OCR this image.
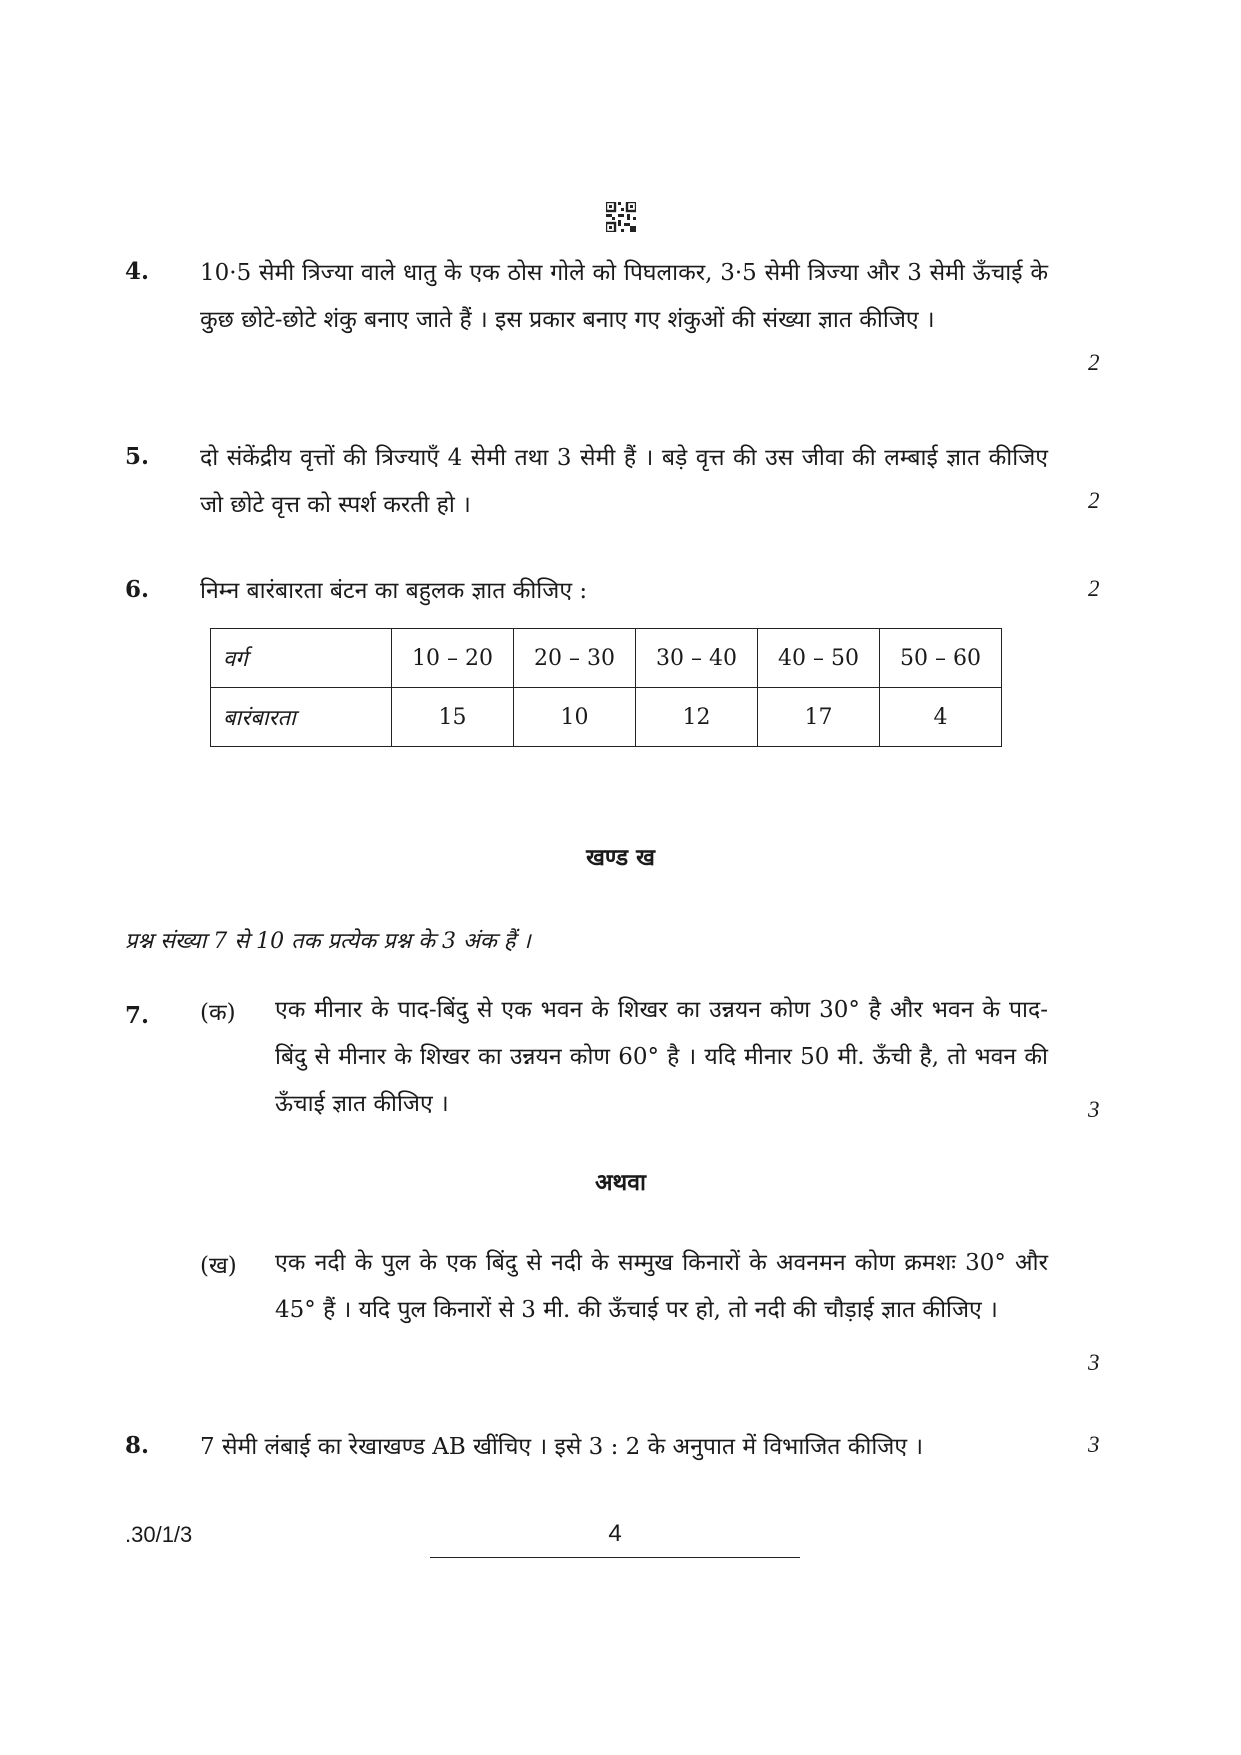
4. 10·5 सेमी त्रिज्या वाले धातु के एक ठोस गोले को पिघलाकर, 3·5 सेमी त्रिज्या और 3 सेमी ऊँचाई के कुछ छोटे-छोटे शंकु बनाए जाते हैं । इस प्रकार बनाए गए शंकुओं की संख्या ज्ञात कीजिए ।
2
5. दो संकेंद्रीय वृत्तों की त्रिज्याएँ 4 सेमी तथा 3 सेमी हैं । बड़े वृत्त की उस जीवा की लम्बाई ज्ञात कीजिए जो छोटे वृत्त को स्पर्श करती हो ।	2
6. निम्न बारंबारता बंटन का बहुलक ज्ञात कीजिए :	2
वर्ग	10 – 20	20 – 30	30 – 40	40 – 50	50 – 60
बारंबारता	15	10	12	17	4
खण्ड ख
प्रश्न संख्या 7 से 10 तक प्रत्येक प्रश्न के 3 अंक हैं ।
7. (क) एक मीनार के पाद-बिंदु से एक भवन के शिखर का उन्नयन कोण 30° है और भवन के पाद-बिंदु से मीनार के शिखर का उन्नयन कोण 60° है । यदि मीनार 50 मी. ऊँची है, तो भवन की ऊँचाई ज्ञात कीजिए ।	3
अथवा
(ख) एक नदी के पुल के एक बिंदु से नदी के सम्मुख किनारों के अवनमन कोण क्रमशः 30° और 45° हैं । यदि पुल किनारों से 3 मी. की ऊँचाई पर हो, तो नदी की चौड़ाई ज्ञात कीजिए ।
3
8. 7 सेमी लंबाई का रेखाखण्ड AB खींचिए । इसे 3 : 2 के अनुपात में विभाजित कीजिए ।	3
.30/1/3	4
